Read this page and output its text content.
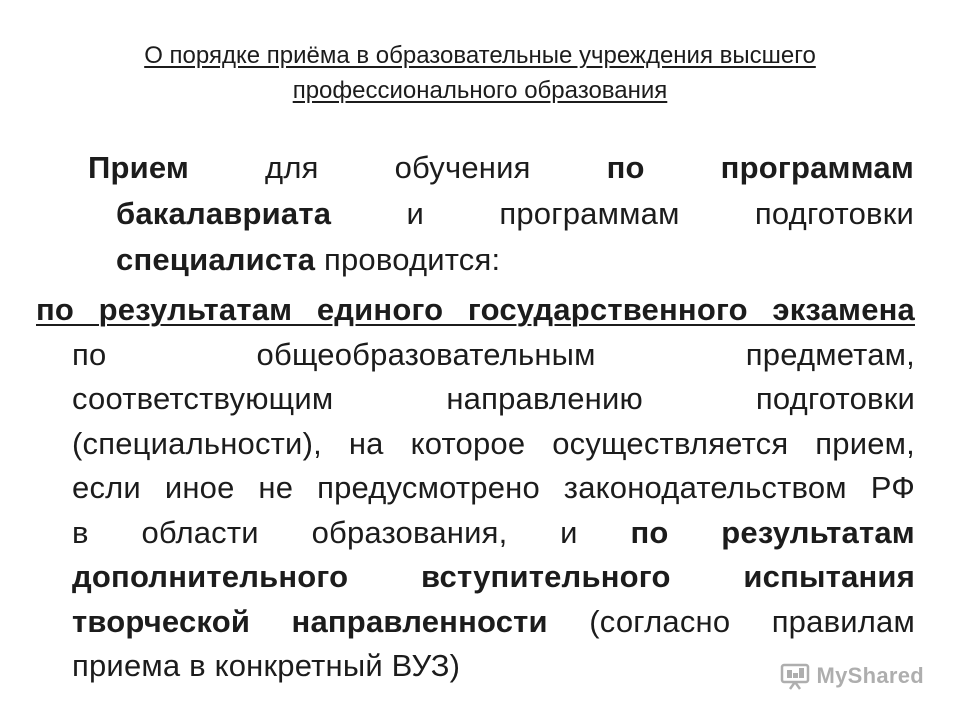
О порядке приёма в образовательные учреждения высшего
профессионального образования
Прием для обучения по программам
бакалавриата и программам подготовки
специалиста проводится:
по результатам единого государственного экзамена
по	общеобразовательным	предметам,
соответствующим	направлению	подготовки
(специальности), на которое осуществляется прием,
если иное не предусмотрено законодательством РФ
в области образования, и по результатам
дополнительного вступительного испытания
творческой направленности (согласно правилам
приема в конкретный ВУЗ)	MyShared
